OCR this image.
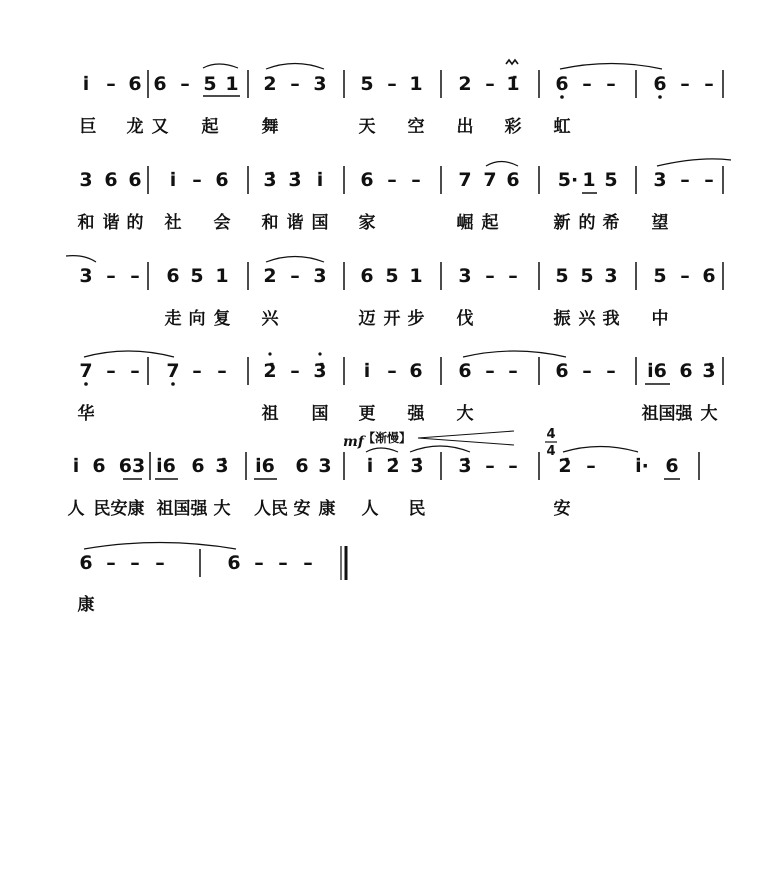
i̇ – 6 6 – 5 1 2 – 3 5 – 1 2 – 1̇ 6 – – 6 – –
巨 龙 又 起	舞	天 空 出 彩 虹
3 6 6 i̇ – 6 3̇ 3̇ i̇ 6 – – 7 7 6 5· 1 5 3 – –
和 谐 的 社 会 和 谐 国 家	崛 起	新 的 希 望
3 – – 6 5 1 2 – 3 6 5 1 3 – – 5 5 3 5 – 6
走 向 复 兴	迈 开 步 伐	振 兴 我 中
7 – – 7 – – 2̇ – 3̇ i̇ – 6 6 – – 6 – – i̇6 6 3̇
华	祖 国 更 强 大	祖国强 大
mf 【渐慢】	4
4
i̇ 6 63 i̇6 6 3̇ i̇6 6 3 i̇ 2̇ 3̇ 3̇ – – 2̇ – i̇· 6
人 民安康 祖国强 大 人民 安 康 人 民	安
6 – – –	6 – – –
康
